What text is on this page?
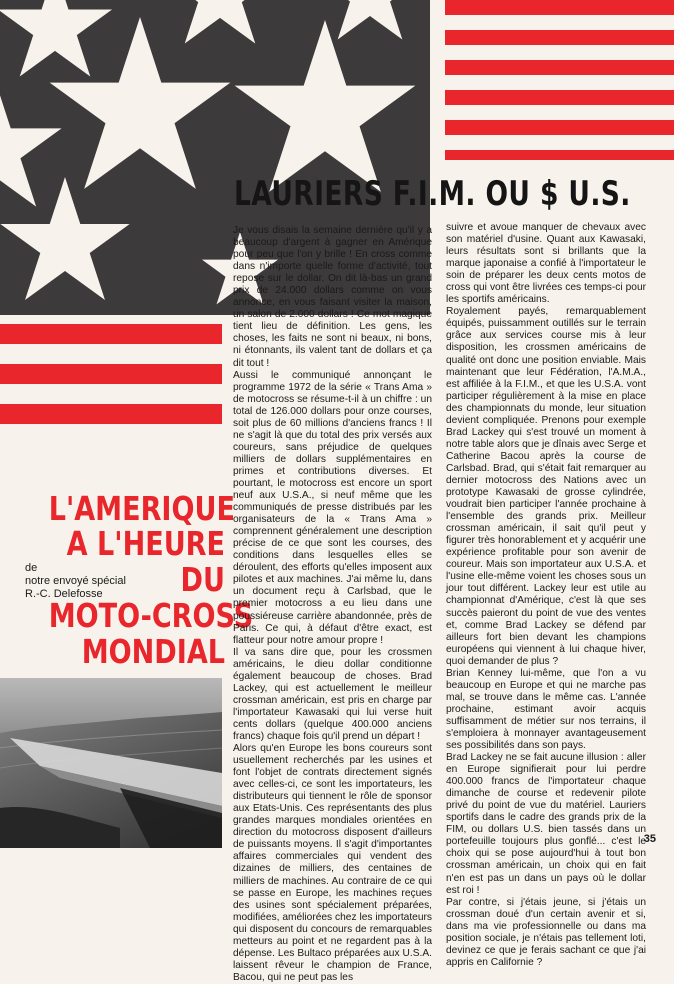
LAURIERS F.I.M. OU $ U.S.
L'AMERIQUE
A L'HEURE
DU
MOTO-CROSS
MONDIAL
de
notre envoyé spécial
R.-C. Delefosse

Je vous disais la semaine dernière qu'il y a beaucoup d'argent à gagner en Amérique pour peu que l'on y brille ! En cross comme dans n'importe quelle forme d'activité, tout repose sur le dollar. On dit là-bas un grand prix de 24.000 dollars comme on vous annonce, en vous faisant visiter la maison, un salon de 2.000 dollars ! Ce mot magique tient lieu de définition. Les gens, les choses, les faits ne sont ni beaux, ni bons, ni étonnants, ils valent tant de dollars et ça dit tout !

Aussi le communiqué annonçant le programme 1972 de la série « Trans Ama » de motocross se résume-t-il à un chiffre : un total de 126.000 dollars pour onze courses, soit plus de 60 millions d'anciens francs ! Il ne s'agit là que du total des prix versés aux coureurs, sans préjudice de quelques milliers de dollars supplémentaires en primes et contributions diverses. Et pourtant, le motocross est encore un sport neuf aux U.S.A., si neuf même que les communiqués de presse distribués par les organisateurs de la « Trans Ama » comprennent généralement une description précise de ce que sont les courses, des conditions dans lesquelles elles se déroulent, des efforts qu'elles imposent aux pilotes et aux machines. J'ai même lu, dans un document reçu à Carlsbad, que le premier motocross a eu lieu dans une poussiéreuse carrière abandonnée, près de Paris. Ce qui, à défaut d'être exact, est flatteur pour notre amour propre !

Il va sans dire que, pour les crossmen américains, le dieu dollar conditionne également beaucoup de choses. Brad Lackey, qui est actuellement le meilleur crossman américain, est pris en charge par l'importateur Kawasaki qui lui verse huit cents dollars (quelque 400.000 anciens francs) chaque fois qu'il prend un départ !

Alors qu'en Europe les bons coureurs sont usuellement recherchés par les usines et font l'objet de contrats directement signés avec celles-ci, ce sont les importateurs, les distributeurs qui tiennent le rôle de sponsor aux Etats-Unis. Ces représentants des plus grandes marques mondiales orientées en direction du motocross disposent d'ailleurs de puissants moyens. Il s'agit d'importantes affaires commerciales qui vendent des dizaines de milliers, des centaines de milliers de machines. Au contraire de ce qui se passe en Europe, les machines reçues des usines sont spécialement préparées, modifiées, améliorées chez les importateurs qui disposent du concours de remarquables metteurs au point et ne regardent pas à la dépense. Les Bultaco préparées aux U.S.A. laissent rêveur le champion de France, Bacou, qui ne peut pas les

suivre et avoue manquer de chevaux avec son matériel d'usine. Quant aux Kawasaki, leurs résultats sont si brillants que la marque japonaise a confié à l'importateur le soin de préparer les deux cents motos de cross qui vont être livrées ces temps-ci pour les sportifs américains.

Royalement payés, remarquablement équipés, puissamment outillés sur le terrain grâce aux services course mis à leur disposition, les crossmen américains de qualité ont donc une position enviable. Mais maintenant que leur Fédération, l'A.M.A., est affiliée à la F.I.M., et que les U.S.A. vont participer régulièrement à la mise en place des championnats du monde, leur situation devient compliquée. Prenons pour exemple Brad Lackey qui s'est trouvé un moment à notre table alors que je dînais avec Serge et Catherine Bacou après la course de Carlsbad. Brad, qui s'était fait remarquer au dernier motocross des Nations avec un prototype Kawasaki de grosse cylindrée, voudrait bien participer l'année prochaine à l'ensemble des grands prix. Meilleur crossman américain, il sait qu'il peut y figurer très honorablement et y acquérir une expérience profitable pour son avenir de coureur. Mais son importateur aux U.S.A. et l'usine elle-même voient les choses sous un jour tout différent. Lackey leur est utile au championnat d'Amérique, c'est là que ses succès paieront du point de vue des ventes et, comme Brad Lackey se défend par ailleurs fort bien devant les champions européens qui viennent à lui chaque hiver, quoi demander de plus ?

Brian Kenney lui-même, que l'on a vu beaucoup en Europe et qui ne marche pas mal, se trouve dans le même cas. L'année prochaine, estimant avoir acquis suffisamment de métier sur nos terrains, il s'emploiera à monnayer avantageusement ses possibilités dans son pays.

Brad Lackey ne se fait aucune illusion : aller en Europe signifierait pour lui perdre 400.000 francs de l'importateur chaque dimanche de course et redevenir pilote privé du point de vue du matériel. Lauriers sportifs dans le cadre des grands prix de la FIM, ou dollars U.S. bien tassés dans un portefeuille toujours plus gonflé... c'est le choix qui se pose aujourd'hui à tout bon crossman américain, un choix qui en fait n'en est pas un dans un pays où le dollar est roi !

Par contre, si j'étais jeune, si j'étais un crossman doué d'un certain avenir et si, dans ma vie professionnelle ou dans ma position sociale, je n'étais pas tellement loti, devinez ce que je ferais sachant ce que j'ai appris en Californie ?

35
